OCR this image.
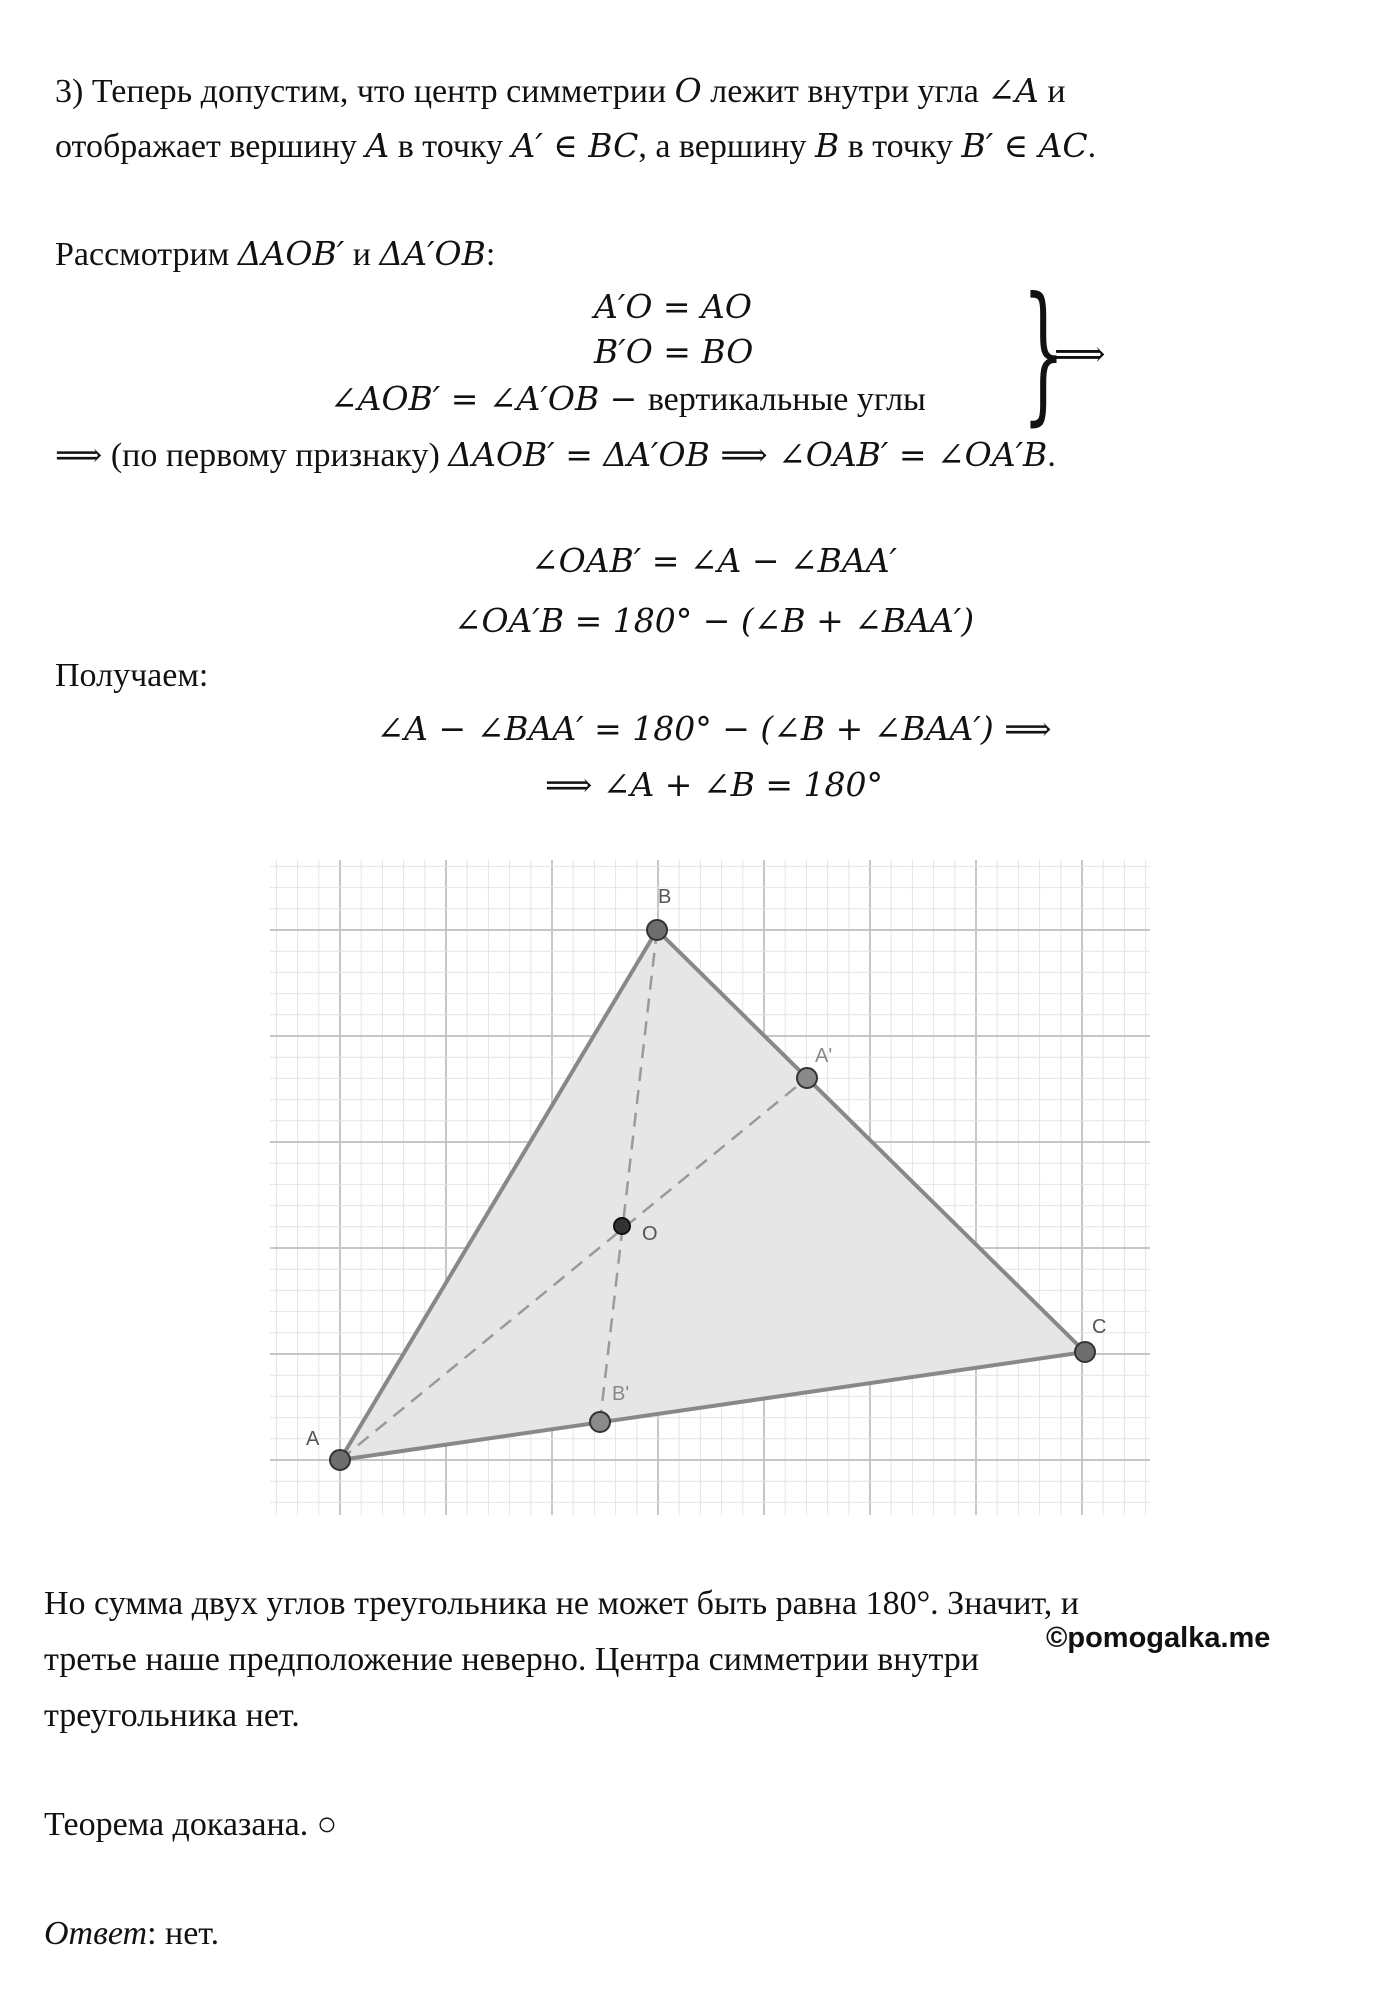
3) Теперь допустим, что центр симметрии O лежит внутри угла ∠A и
отображает вершину A в точку A′ ∈ BC, а вершину B в точку B′ ∈ AC.
Рассмотрим ΔAOB′ и ΔA′OB:
A′O = AO
B′O = BO
∠AOB′ = ∠A′OB − вертикальные углы }
⟹
⟹ (по первому признаку) ΔAOB′ = ΔA′OB ⟹ ∠OAB′ = ∠OA′B.
∠OAB′ = ∠A − ∠BAA′
∠OA′B = 180° − (∠B + ∠BAA′)
Получаем:
∠A − ∠BAA′ = 180° − (∠B + ∠BAA′) ⟹
⟹ ∠A + ∠B = 180°
A
B
C
O
A'
B'
Но сумма двух углов треугольника не может быть равна 180°. Значит, и
©pomogalka.me
третье наше предположение неверно. Центра симметрии внутри
треугольника нет.
Теорема доказана. ○
Ответ: нет.
